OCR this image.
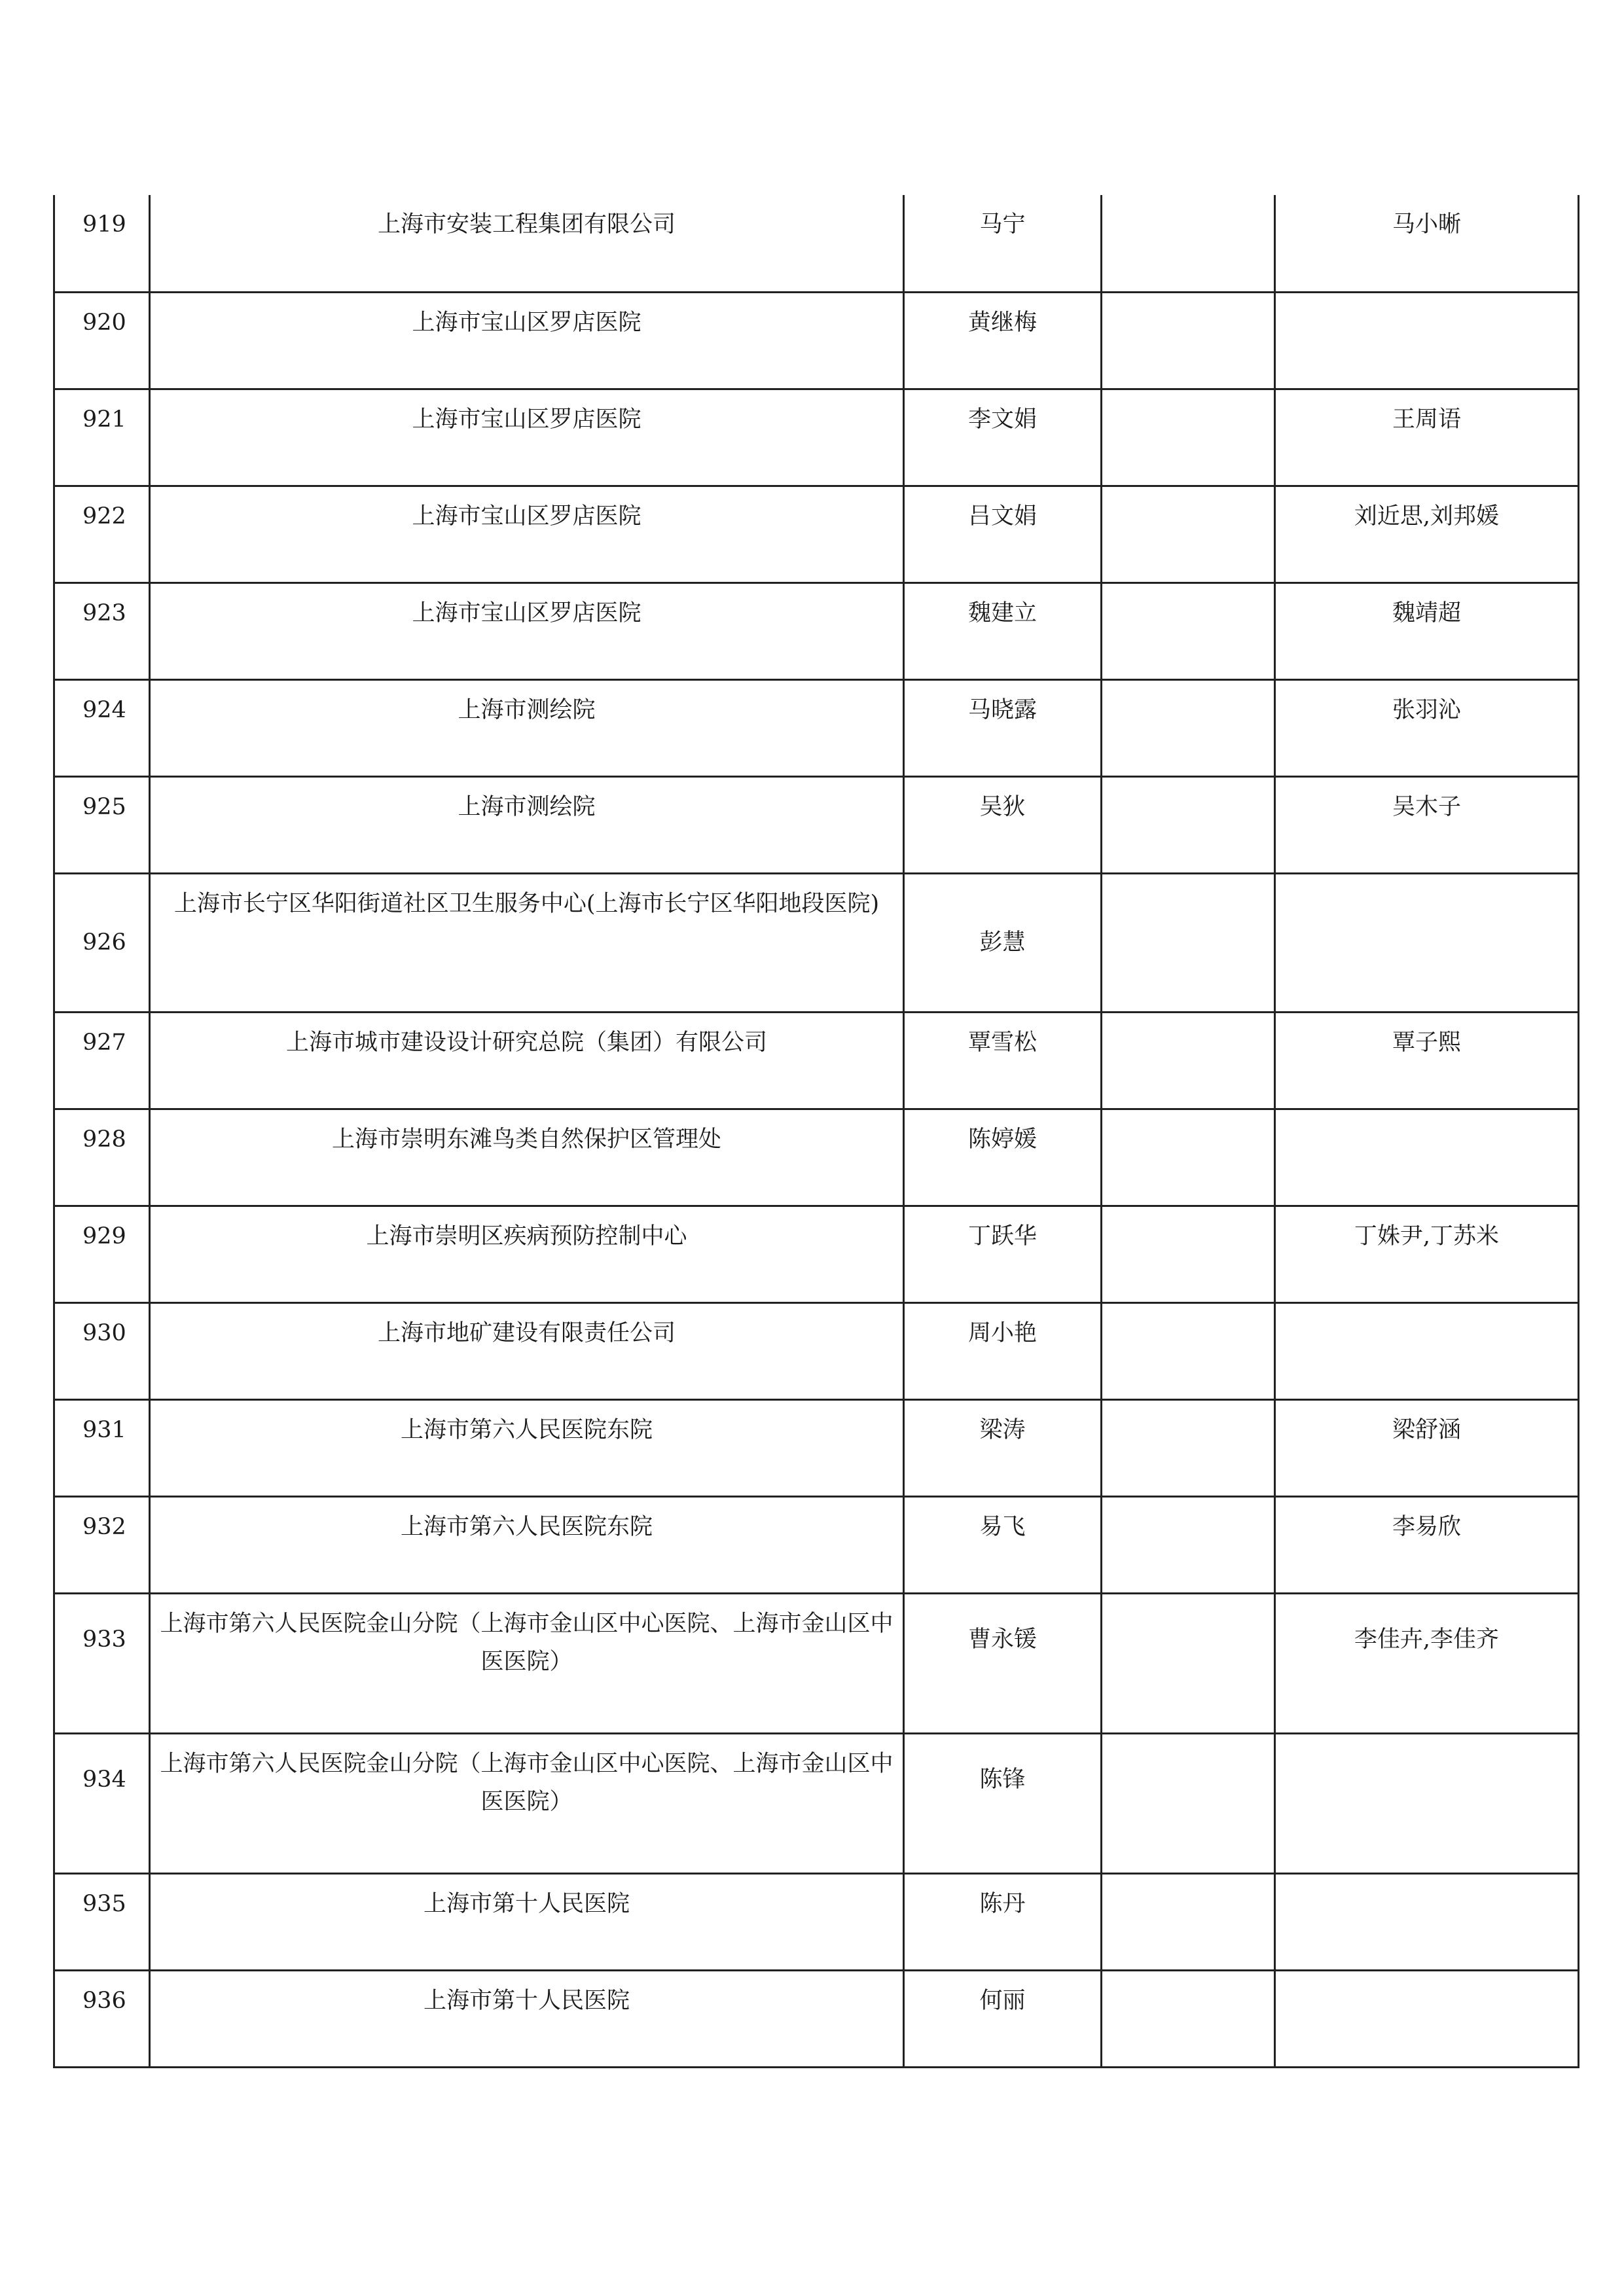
919	上海市安装工程集团有限公司	马宁		马小晰
920	上海市宝山区罗店医院	黄继梅		
921	上海市宝山区罗店医院	李文娟		王周语
922	上海市宝山区罗店医院	吕文娟		刘近思,刘邦媛
923	上海市宝山区罗店医院	魏建立		魏靖超
924	上海市测绘院	马晓露		张羽沁
925	上海市测绘院	吴狄		吴木子
926	上海市长宁区华阳街道社区卫生服务中心(上海市长宁区华阳地段医院)	彭慧		
927	上海市城市建设设计研究总院（集团）有限公司	覃雪松		覃子熙
928	上海市崇明东滩鸟类自然保护区管理处	陈婷媛		
929	上海市崇明区疾病预防控制中心	丁跃华		丁姝尹,丁苏米
930	上海市地矿建设有限责任公司	周小艳		
931	上海市第六人民医院东院	梁涛		梁舒涵
932	上海市第六人民医院东院	易飞		李易欣
933	上海市第六人民医院金山分院（上海市金山区中心医院、上海市金山区中医医院）	曹永锾		李佳卉,李佳齐
934	上海市第六人民医院金山分院（上海市金山区中心医院、上海市金山区中医医院）	陈锋		
935	上海市第十人民医院	陈丹		
936	上海市第十人民医院	何丽		
